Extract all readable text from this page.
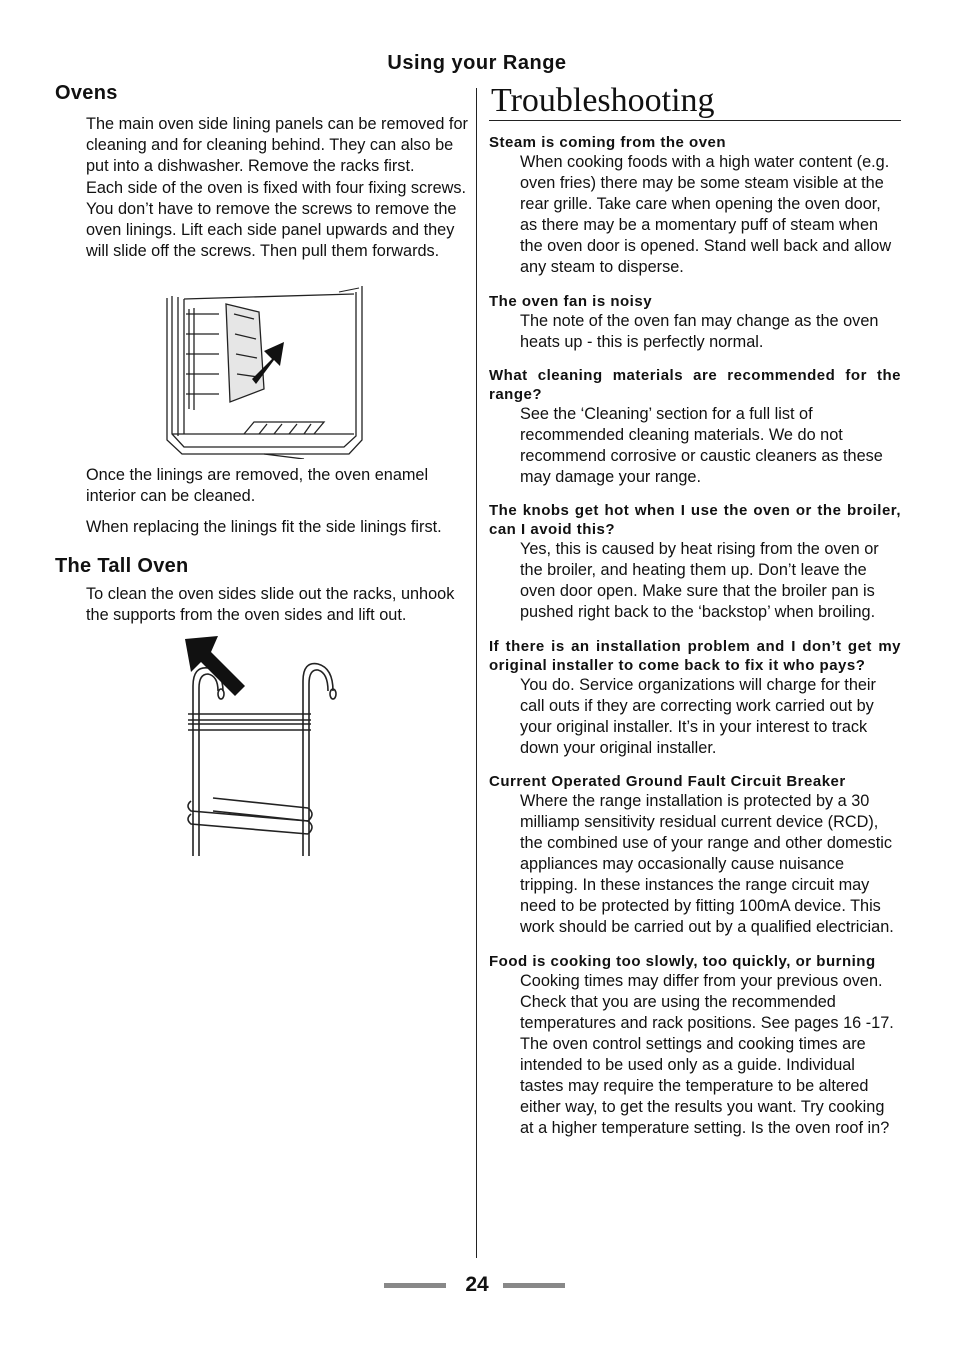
Using your Range
Ovens

The main oven side lining panels can be removed for cleaning and for cleaning behind. They can also be put into a dishwasher. Remove the racks first.

Each side of the oven is fixed with four fixing screws. You don’t have to remove the screws to remove the oven linings. Lift each side panel upwards and they will slide off the screws. Then pull them forwards.

Once the linings are removed, the oven enamel interior can be cleaned.

When replacing the linings fit the side linings first.

The Tall Oven

To clean the oven sides slide out the racks, unhook the supports from the oven sides and lift out.

Troubleshooting
Steam is coming from the oven
When cooking foods with a high water content (e.g. oven fries) there may be some steam visible at the rear grille. Take care when opening the oven door, as there may be a momentary puff of steam when the oven door is opened. Stand well back and allow any steam to disperse.
The oven fan is noisy
The note of the oven fan may change as the oven heats up - this is perfectly normal.
What cleaning materials are recommended for the range?
See the ‘Cleaning’ section for a full list of recommended cleaning materials. We do not recommend corrosive or caustic cleaners as these may damage your range.
The knobs get hot when I use the oven or the broiler, can I avoid this?
Yes, this is caused by heat rising from the oven or the broiler, and heating them up. Don’t leave the oven door open. Make sure that the broiler pan is pushed right back to the ‘backstop’ when broiling.
If there is an installation problem and I don’t get my original installer to come back to fix it who pays?
You do. Service organizations will charge for their call outs if they are correcting work carried out by your original installer. It’s in your interest to track down your original installer.
Current Operated Ground Fault Circuit Breaker
Where the range installation is protected by a 30 milliamp sensitivity residual current device (RCD), the combined use of your range and other domestic appliances may occasionally cause nuisance tripping. In these instances the range circuit may need to be protected by fitting 100mA device. This work should be carried out by a qualified electrician.
Food is cooking too slowly, too quickly, or burning
Cooking times may differ from your previous oven. Check that you are using the recommended temperatures and rack positions. See pages 16 -17. The oven control settings and cooking times are intended to be used only as a guide. Individual tastes may require the temperature to be altered either way, to get the results you want. Try cooking at a higher temperature setting. Is the oven roof in?
24
